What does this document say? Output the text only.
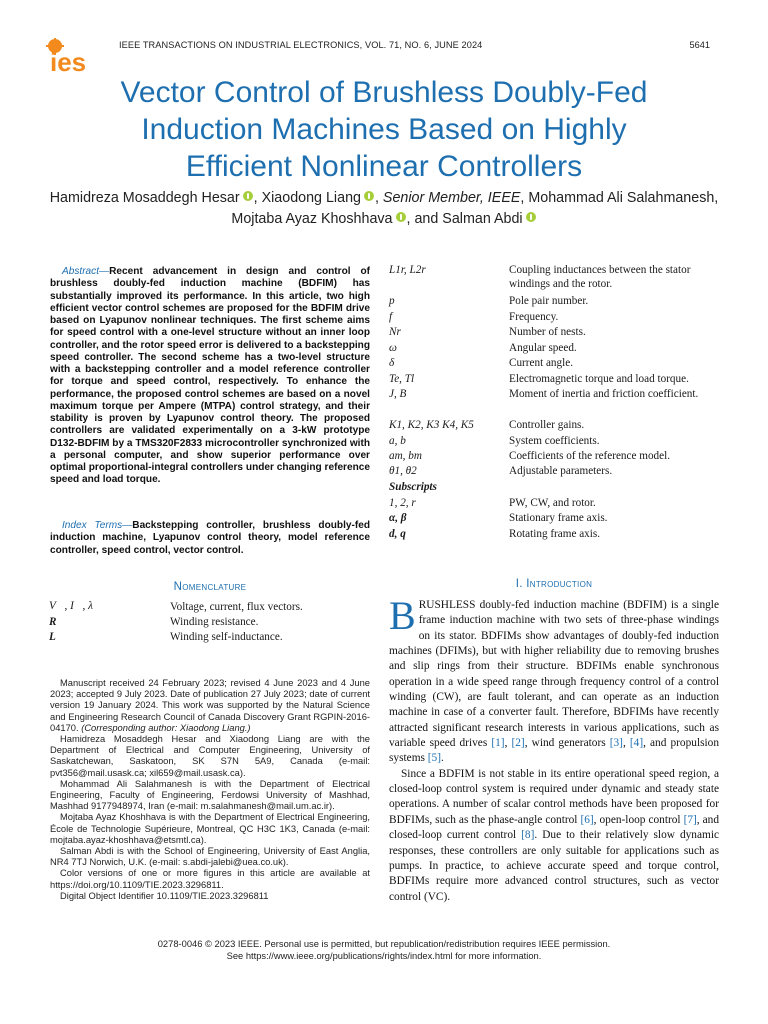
ies
IEEE TRANSACTIONS ON INDUSTRIAL ELECTRONICS, VOL. 71, NO. 6, JUNE 2024	5641
Vector Control of Brushless Doubly-Fed
Induction Machines Based on Highly
Efficient Nonlinear Controllers
Hamidreza Mosaddegh Hesar , Xiaodong Liang , Senior Member, IEEE, Mohammad Ali Salahmanesh,
Mojtaba Ayaz Khoshhava , and Salman Abdi
Abstract—Recent advancement in design and control of brushless doubly-fed induction machine (BDFIM) has substantially improved its performance. In this article, two high efficient vector control schemes are proposed for the BDFIM drive based on Lyapunov nonlinear techniques. The first scheme aims for speed control with a one-level structure without an inner loop controller, and the rotor speed error is delivered to a backstepping speed controller. The second scheme has a two-level structure with a backstepping controller and a model reference controller for torque and speed control, respectively. To enhance the performance, the proposed control schemes are based on a novel maximum torque per Ampere (MTPA) control strategy, and their stability is proven by Lyapunov control theory. The proposed controllers are validated experimentally on a 3-kW prototype D132-BDFIM by a TMS320F2833 microcontroller synchronized with a personal computer, and show superior performance over optimal proportional-integral controllers under changing reference speed and load torque.
Index Terms—Backstepping controller, brushless doubly-fed induction machine, Lyapunov control theory, model reference controller, speed control, vector control.
L1r, L2r	Coupling inductances between the stator windings and the rotor.
p	Pole pair number.
f	Frequency.
Nr	Number of nests.
ω	Angular speed.
δ	Current angle.
Te, Tl	Electromagnetic torque and load torque.
J, B	Moment of inertia and friction coefficient.
K1, K2, K3 K4, K5	Controller gains.
a, b	System coefficients.
am, bm	Coefficients of the reference model.
θ1, θ2	Adjustable parameters.
Subscripts
1, 2, r	PW, CW, and rotor.
α, β	Stationary frame axis.
d, q	Rotating frame axis.
Nomenclature
V⃗, I⃗, λ⃗	Voltage, current, flux vectors.
R	Winding resistance.
L	Winding self-inductance.

Manuscript received 24 February 2023; revised 4 June 2023 and 4 June 2023; accepted 9 July 2023. Date of publication 27 July 2023; date of current version 19 January 2024. This work was supported by the Natural Science and Engineering Research Council of Canada Discovery Grant RGPIN-2016-04170. (Corresponding author: Xiaodong Liang.)

Hamidreza Mosaddegh Hesar and Xiaodong Liang are with the Department of Electrical and Computer Engineering, University of Saskatchewan, Saskatoon, SK S7N 5A9, Canada (e-mail: pvt356@mail.usask.ca; xil659@mail.usask.ca).

Mohammad Ali Salahmanesh is with the Department of Electrical Engineering, Faculty of Engineering, Ferdowsi University of Mashhad, Mashhad 9177948974, Iran (e-mail: m.salahmanesh@mail.um.ac.ir).

Mojtaba Ayaz Khoshhava is with the Department of Electrical Engineering, École de Technologie Supérieure, Montreal, QC H3C 1K3, Canada (e-mail: mojtaba.ayaz-khoshhava@etsmtl.ca).

Salman Abdi is with the School of Engineering, University of East Anglia, NR4 7TJ Norwich, U.K. (e-mail: s.abdi-jalebi@uea.co.uk).

Color versions of one or more figures in this article are available at https://doi.org/10.1109/TIE.2023.3296811.

Digital Object Identifier 10.1109/TIE.2023.3296811

I. Introduction

BRUSHLESS doubly-fed induction machine (BDFIM) is a single frame induction machine with two sets of three-phase windings on its stator. BDFIMs show advantages of doubly-fed induction machines (DFIMs), but with higher reliability due to removing brushes and slip rings from their structure. BDFIMs enable synchronous operation in a wide speed range through frequency control of a control winding (CW), are fault tolerant, and can operate as an induction machine in case of a converter fault. Therefore, BDFIMs have recently attracted significant research interests in various applications, such as variable speed drives [1], [2], wind generators [3], [4], and propulsion systems [5].

Since a BDFIM is not stable in its entire operational speed region, a closed-loop control system is required under dynamic and steady state operations. A number of scalar control methods have been proposed for BDFIMs, such as the phase-angle control [6], open-loop control [7], and closed-loop current control [8]. Due to their relatively slow dynamic responses, these controllers are only suitable for applications such as pumps. In practice, to achieve accurate speed and torque control, BDFIMs require more advanced control structures, such as vector control (VC).

0278-0046 © 2023 IEEE. Personal use is permitted, but republication/redistribution requires IEEE permission.
See https://www.ieee.org/publications/rights/index.html for more information.
